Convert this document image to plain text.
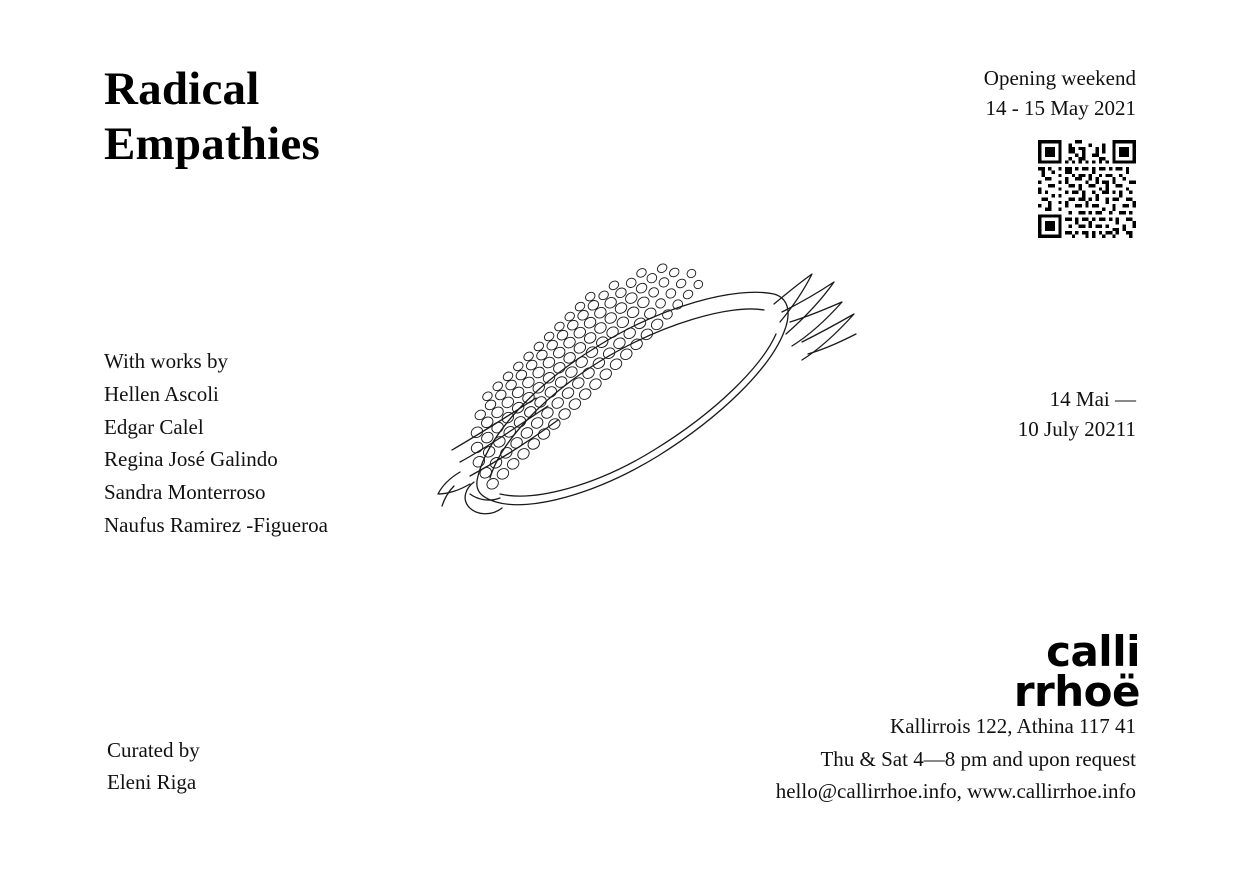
Radical
Empathies
With works by
Hellen Ascoli
Edgar Calel
Regina José Galindo
Sandra Monterroso
Naufus Ramirez -Figueroa
Curated by
Eleni Riga
Opening weekend
14 - 15 May 2021
14 Mai —
10 July 20211
calli
rrhoë
Kallirrois 122, Athina 117 41
Thu & Sat 4—8 pm and upon request
hello@callirrhoe.info, www.callirrhoe.info
